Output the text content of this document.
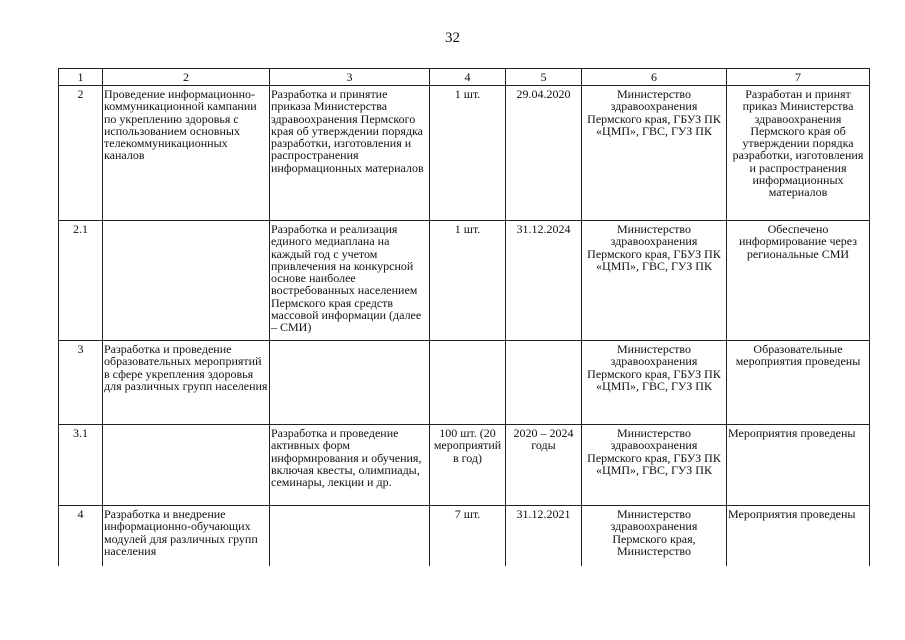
32
1	2	3	4	5	6	7
2	Проведение информационно-коммуникационной кампании по укреплению здоровья с использованием основных телекоммуникационных каналов	Разработка и принятие приказа Министерства здравоохранения Пермского края об утверждении порядка разработки, изготовления и распространения информационных материалов	1 шт.	29.04.2020	Министерство здравоохранения Пермского края, ГБУЗ ПК «ЦМП», ГВС, ГУЗ ПК	Разработан и принят приказ Министерства здравоохранения Пермского края об утверждении порядка разработки, изготовления и распространения информационных материалов
2.1		Разработка и реализация единого медиаплана на каждый год с учетом привлечения на конкурсной основе наиболее востребованных населением Пермского края средств массовой информации (далее – СМИ)	1 шт.	31.12.2024	Министерство здравоохранения Пермского края, ГБУЗ ПК «ЦМП», ГВС, ГУЗ ПК	Обеспечено информирование через региональные СМИ
3	Разработка и проведение образовательных мероприятий в сфере укрепления здоровья для различных групп населения				Министерство здравоохранения Пермского края, ГБУЗ ПК «ЦМП», ГВС, ГУЗ ПК	Образовательные мероприятия проведены
3.1		Разработка и проведение активных форм информирования и обучения, включая квесты, олимпиады, семинары, лекции и др.	100 шт. (20 мероприятий в год)	2020 – 2024 годы	Министерство здравоохранения Пермского края, ГБУЗ ПК «ЦМП», ГВС, ГУЗ ПК	Мероприятия проведены
4	Разработка и внедрение информационно-обучающих модулей для различных групп населения		7 шт.	31.12.2021	Министерство здравоохранения Пермского края, Министерство	Мероприятия проведены
